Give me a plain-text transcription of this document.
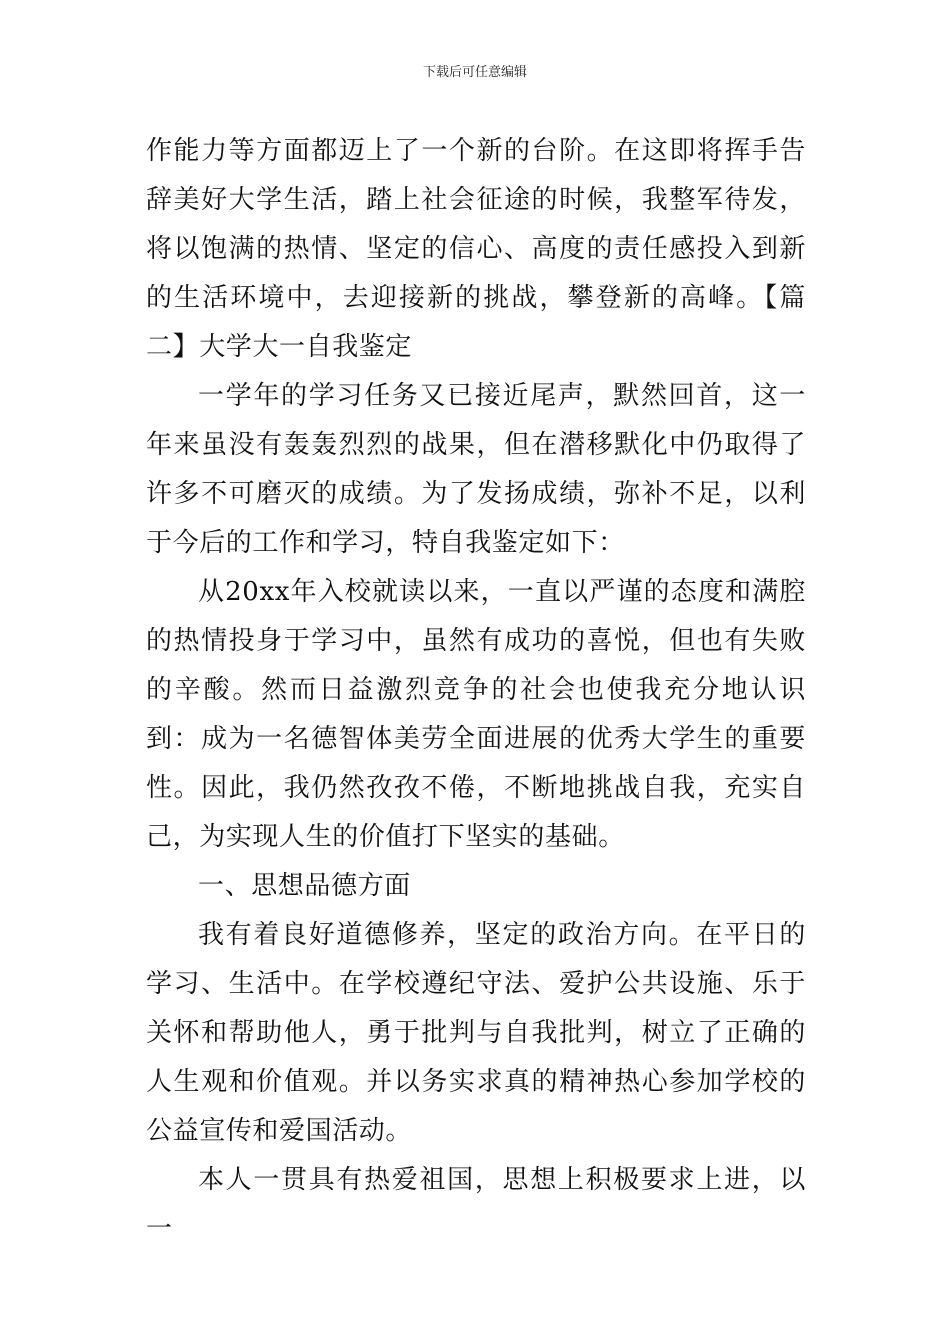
下载后可任意编辑

作能力等方面都迈上了一个新的台阶。在这即将挥手告辞美好大学生活，踏上社会征途的时候，我整军待发，将以饱满的热情、坚定的信心、高度的责任感投入到新的生活环境中，去迎接新的挑战，攀登新的高峰。【篇二】大学大一自我鉴定

一学年的学习任务又已接近尾声，默然回首，这一年来虽没有轰轰烈烈的战果，但在潜移默化中仍取得了许多不可磨灭的成绩。为了发扬成绩，弥补不足，以利于今后的工作和学习，特自我鉴定如下：

从20xx年入校就读以来，一直以严谨的态度和满腔的热情投身于学习中，虽然有成功的喜悦，但也有失败的辛酸。然而日益激烈竞争的社会也使我充分地认识到：成为一名德智体美劳全面进展的优秀大学生的重要性。因此，我仍然孜孜不倦，不断地挑战自我，充实自己，为实现人生的价值打下坚实的基础。

一、思想品德方面

我有着良好道德修养，坚定的政治方向。在平日的学习、生活中。在学校遵纪守法、爱护公共设施、乐于关怀和帮助他人，勇于批判与自我批判，树立了正确的人生观和价值观。并以务实求真的精神热心参加学校的公益宣传和爱国活动。

本人一贯具有热爱祖国，思想上积极要求上进，以一
